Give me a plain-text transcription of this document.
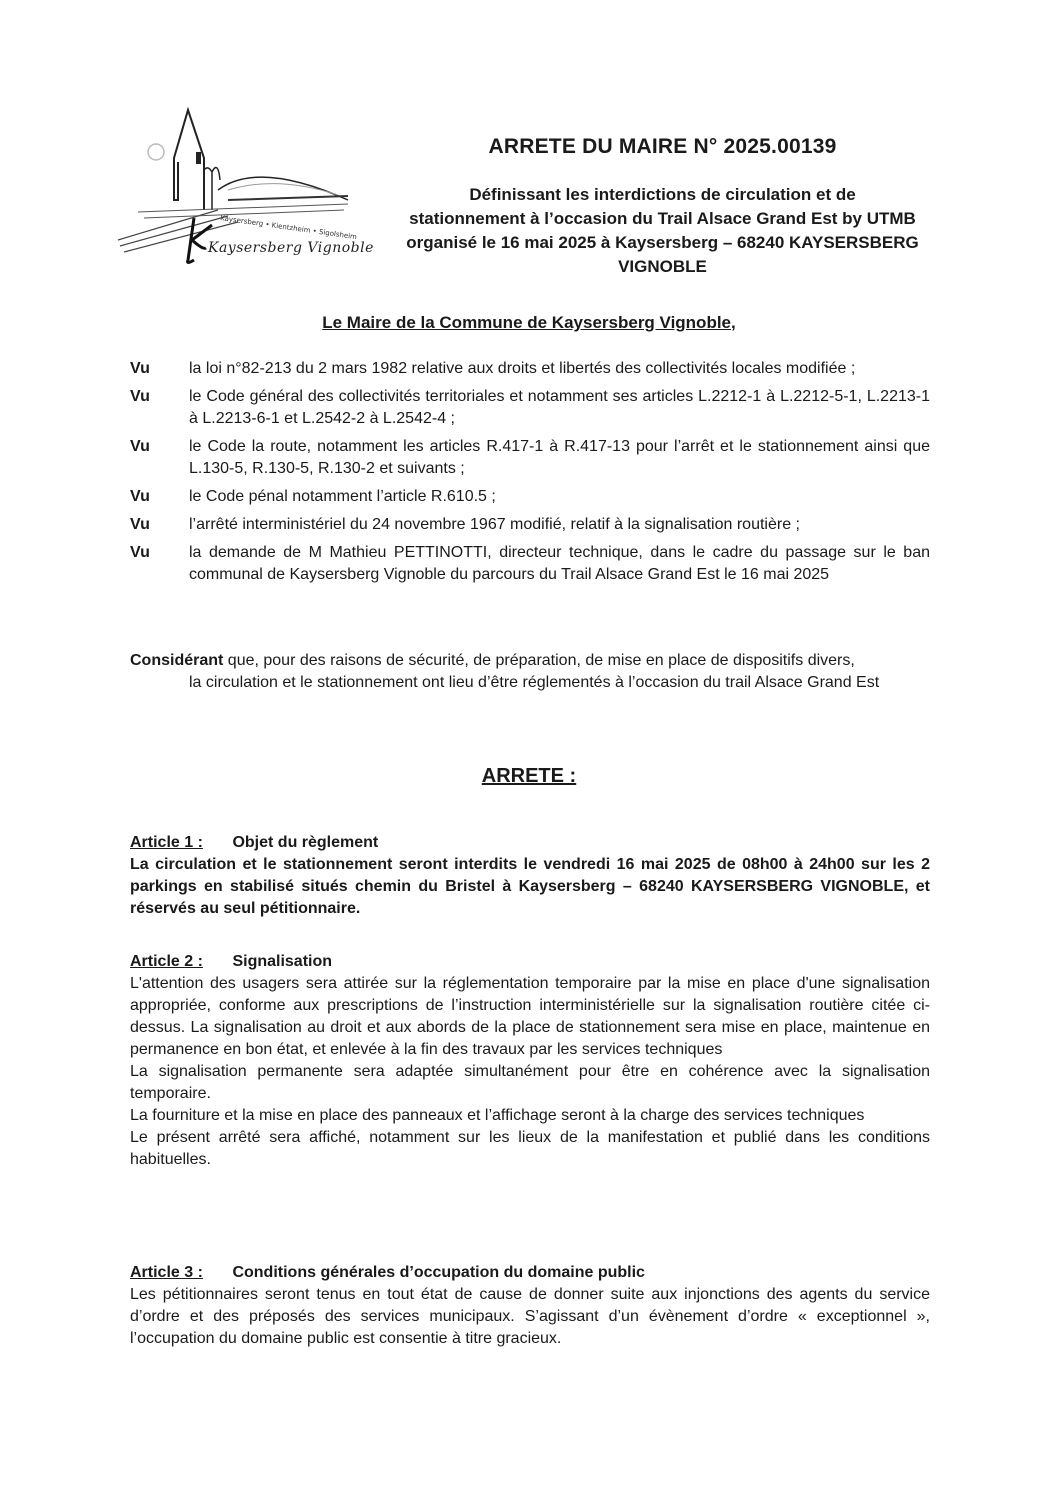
Kaysersberg • Kientzheim • Sigolsheim
Kaysersberg Vignoble

ARRETE DU MAIRE N° 2025.00139

Définissant les interdictions de circulation et de

stationnement à l’occasion du Trail Alsace Grand Est by UTMB

organisé le 16 mai 2025 à Kaysersberg – 68240 KAYSERSBERG

VIGNOBLE

Le Maire de la Commune de Kaysersberg Vignoble,
Vu	la loi n°82-213 du 2 mars 1982 relative aux droits et libertés des collectivités locales modifiée ;
Vu	le Code général des collectivités territoriales et notamment ses articles L.2212-1 à L.2212-5-1, L.2213-1 à L.2213-6-1 et L.2542-2 à L.2542-4 ;
Vu	le Code la route, notamment les articles R.417-1 à R.417-13 pour l’arrêt et le stationnement ainsi que L.130-5, R.130-5, R.130-2 et suivants ;
Vu	le Code pénal notamment l’article R.610.5 ;
Vu	l’arrêté interministériel du 24 novembre 1967 modifié, relatif à la signalisation routière ;
Vu	la demande de M Mathieu PETTINOTTI, directeur technique, dans le cadre du passage sur le ban communal de Kaysersberg Vignoble du parcours du Trail Alsace Grand Est le 16 mai 2025

Considérant que, pour des raisons de sécurité, de préparation, de mise en place de dispositifs divers,
la circulation et le stationnement ont lieu d’être réglementés à l’occasion du trail Alsace Grand Est

ARRETE :

Article 1 : Objet du règlement

La circulation et le stationnement seront interdits le vendredi 16 mai 2025 de 08h00 à 24h00 sur les 2 parkings en stabilisé situés chemin du Bristel à Kaysersberg – 68240 KAYSERSBERG VIGNOBLE, et réservés au seul pétitionnaire.

Article 2 : Signalisation

L'attention des usagers sera attirée sur la réglementation temporaire par la mise en place d'une signalisation appropriée, conforme aux prescriptions de l’instruction interministérielle sur la signalisation routière citée ci-dessus. La signalisation au droit et aux abords de la place de stationnement sera mise en place, maintenue en permanence en bon état, et enlevée à la fin des travaux par les services techniques

La signalisation permanente sera adaptée simultanément pour être en cohérence avec la signalisation temporaire.

La fourniture et la mise en place des panneaux et l’affichage seront à la charge des services techniques

Le présent arrêté sera affiché, notamment sur les lieux de la manifestation et publié dans les conditions habituelles.

Article 3 : Conditions générales d’occupation du domaine public

Les pétitionnaires seront tenus en tout état de cause de donner suite aux injonctions des agents du service d’ordre et des préposés des services municipaux. S’agissant d’un évènement d’ordre « exceptionnel », l’occupation du domaine public est consentie à titre gracieux.
